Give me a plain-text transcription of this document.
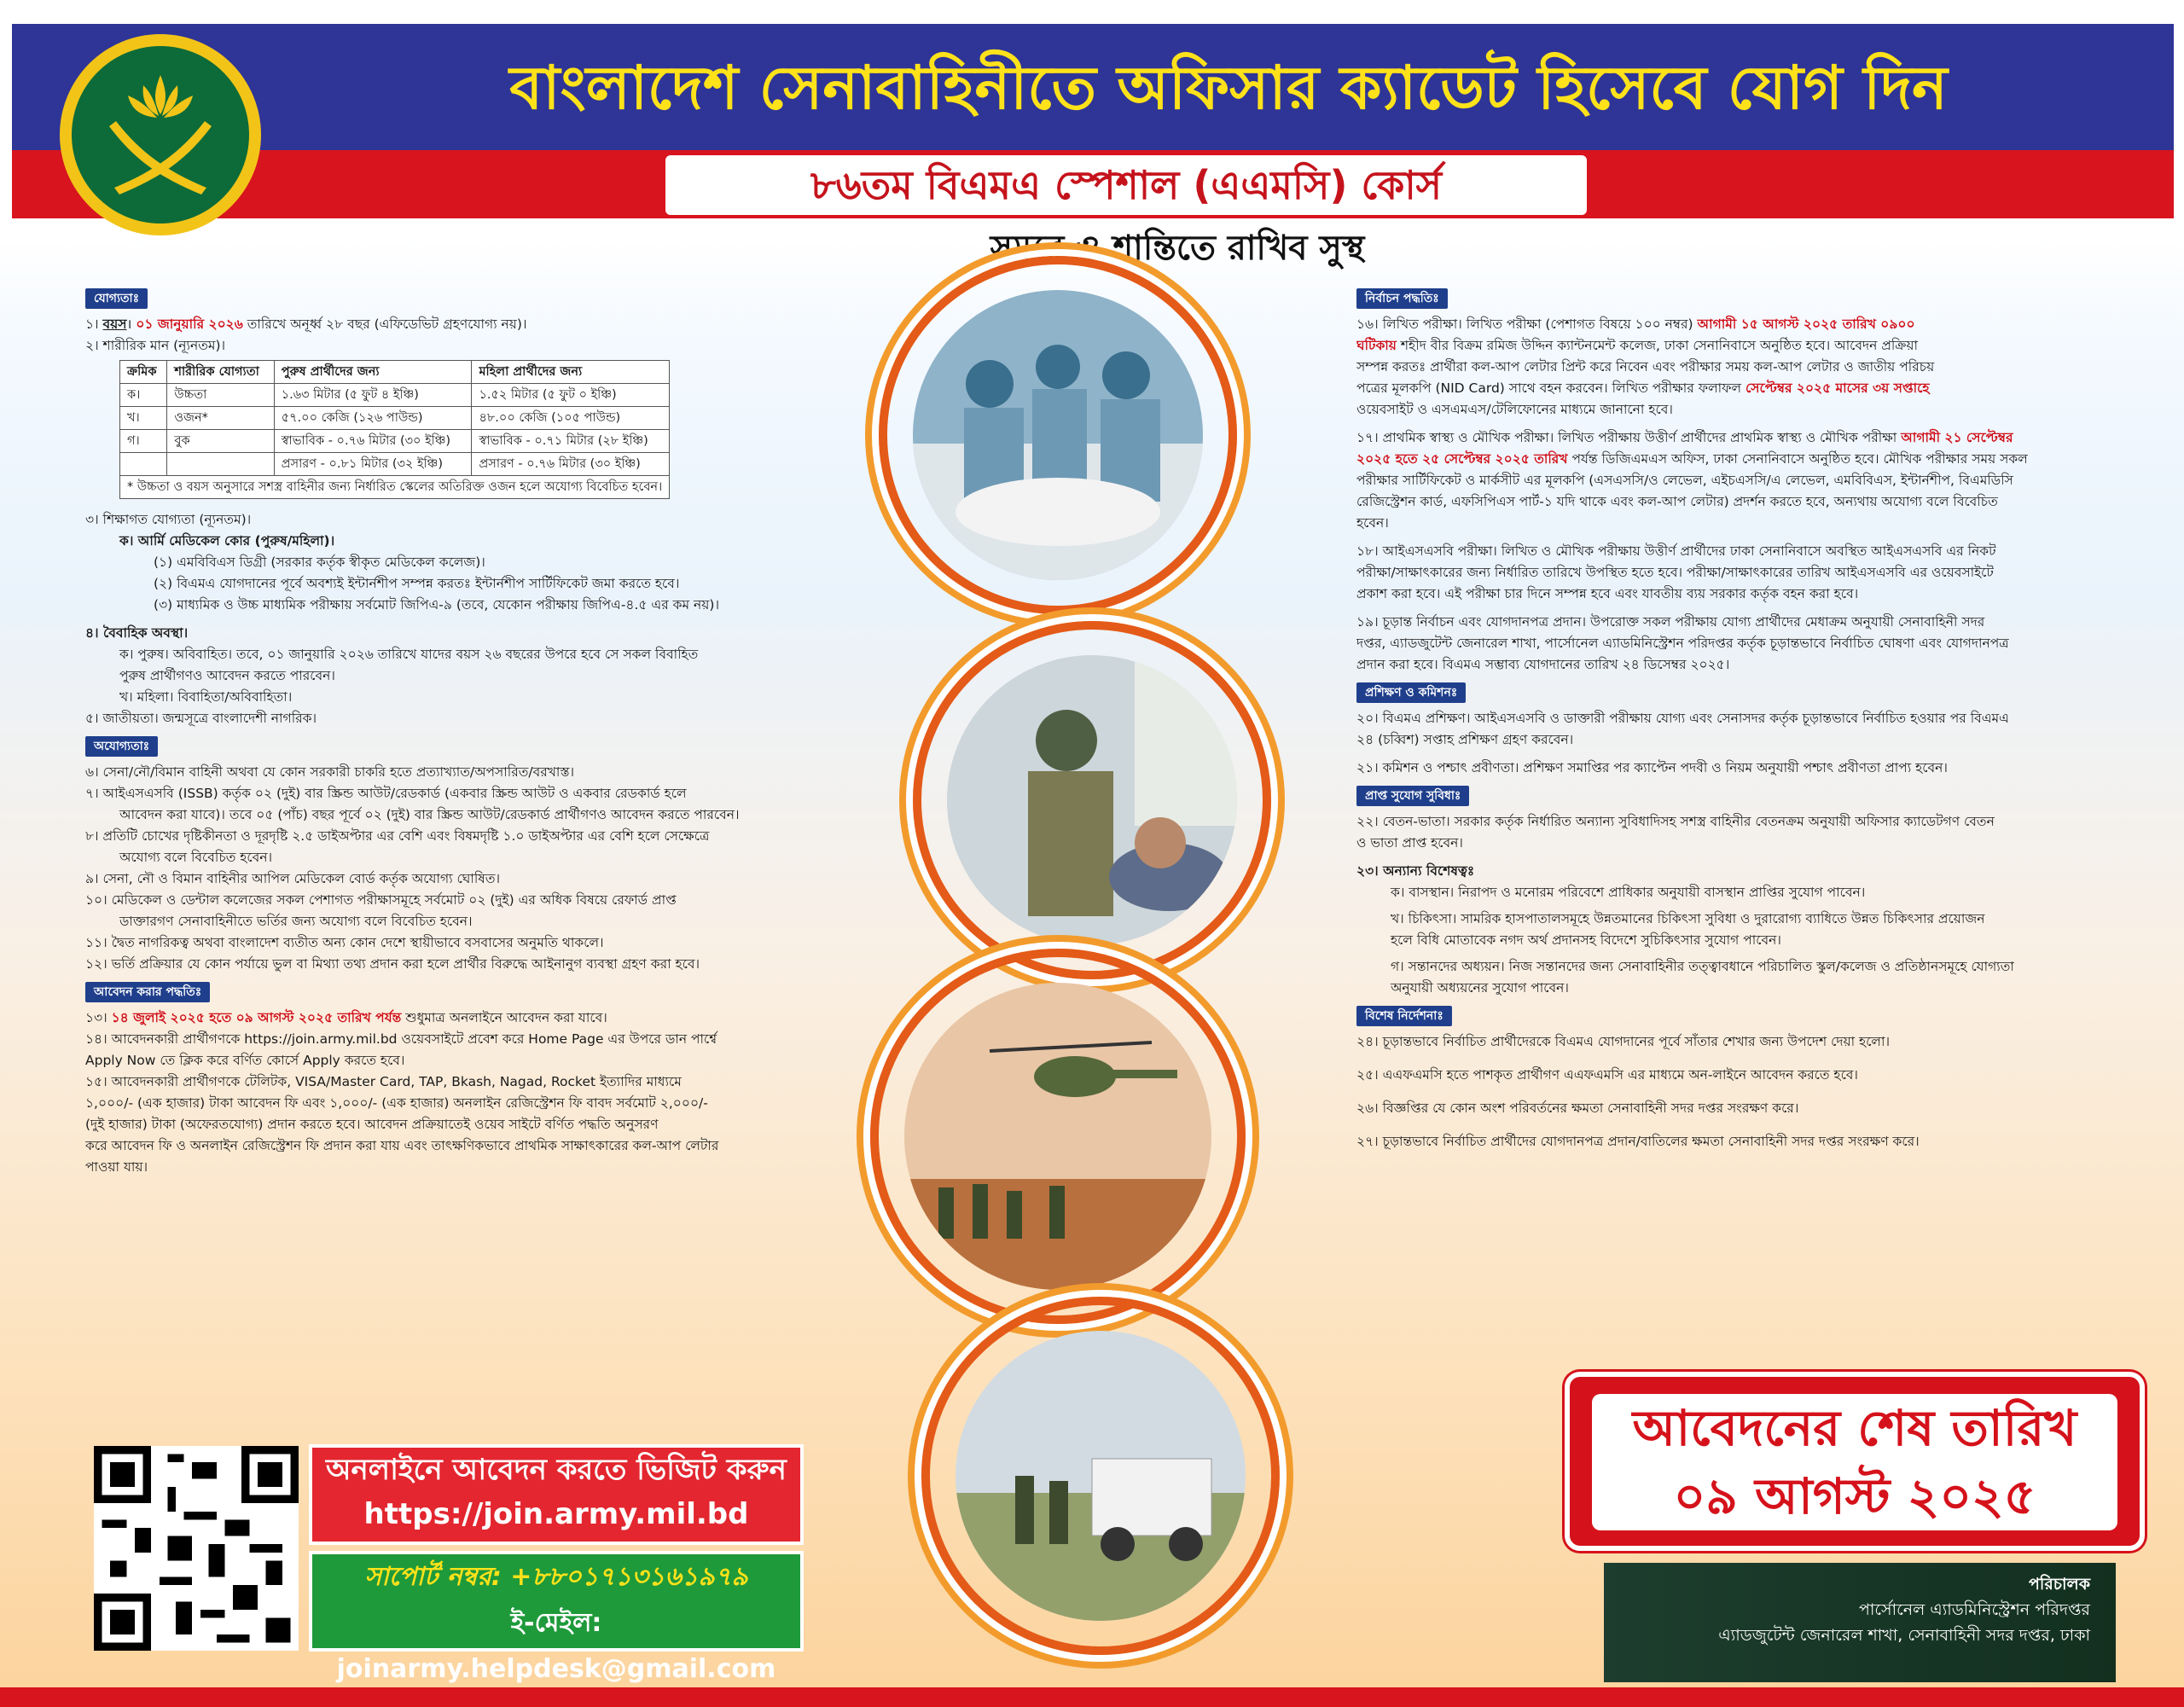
বাংলাদেশ সেনাবাহিনীতে অফিসার ক্যাডেট হিসেবে যোগ দিন
৮৬তম বিএমএ স্পেশাল (এএমসি) কোর্স
সমরে ও শান্তিতে রাখিব সুস্থ
যোগ্যতাঃ

১। বয়স। ০১ জানুয়ারি ২০২৬ তারিখে অনূর্ধ্ব ২৮ বছর (এফিডেভিট গ্রহণযোগ্য নয়)।

২। শারীরিক মান (ন্যূনতম)।

ক্রমিক	শারীরিক যোগ্যতা	পুরুষ প্রার্থীদের জন্য	মহিলা প্রার্থীদের জন্য
ক।	উচ্চতা	১.৬৩ মিটার (৫ ফুট ৪ ইঞ্চি)	১.৫২ মিটার (৫ ফুট ০ ইঞ্চি)
খ।	ওজন*	৫৭.০০ কেজি (১২৬ পাউন্ড)	৪৮.০০ কেজি (১০৫ পাউন্ড)
গ।	বুক	স্বাভাবিক - ০.৭৬ মিটার (৩০ ইঞ্চি)	স্বাভাবিক - ০.৭১ মিটার (২৮ ইঞ্চি)
		প্রসারণ - ০.৮১ মিটার (৩২ ইঞ্চি)	প্রসারণ - ০.৭৬ মিটার (৩০ ইঞ্চি)
* উচ্চতা ও বয়স অনুসারে সশস্ত্র বাহিনীর জন্য নির্ধারিত স্কেলের অতিরিক্ত ওজন হলে অযোগ্য বিবেচিত হবেন।			

৩। শিক্ষাগত যোগ্যতা (ন্যূনতম)।

ক। আর্মি মেডিকেল কোর (পুরুষ/মহিলা)।

(১) এমবিবিএস ডিগ্রী (সরকার কর্তৃক স্বীকৃত মেডিকেল কলেজ)।

(২) বিএমএ যোগদানের পূর্বে অবশ্যই ইন্টার্নশীপ সম্পন্ন করতঃ ইন্টার্নশীপ সার্টিফিকেট জমা করতে হবে।

(৩) মাধ্যমিক ও উচ্চ মাধ্যমিক পরীক্ষায় সর্বমোট জিপিএ-৯ (তবে, যেকোন পরীক্ষায় জিপিএ-৪.৫ এর কম নয়)।

৪। বৈবাহিক অবস্থা।

ক। পুরুষ। অবিবাহিত। তবে, ০১ জানুয়ারি ২০২৬ তারিখে যাদের বয়স ২৬ বছরের উপরে হবে সে সকল বিবাহিত

পুরুষ প্রার্থীগণও আবেদন করতে পারবেন।

খ। মহিলা। বিবাহিতা/অবিবাহিতা।

৫। জাতীয়তা। জন্মসূত্রে বাংলাদেশী নাগরিক।

অযোগ্যতাঃ

৬। সেনা/নৌ/বিমান বাহিনী অথবা যে কোন সরকারী চাকরি হতে প্রত্যাখ্যাত/অপসারিত/বরখাস্ত।

৭। আইএসএসবি (ISSB) কর্তৃক ০২ (দুই) বার স্ক্রিন্ড আউট/রেডকার্ড (একবার স্ক্রিন্ড আউট ও একবার রেডকার্ড হলে

আবেদন করা যাবে)। তবে ০৫ (পাঁচ) বছর পূর্বে ০২ (দুই) বার স্ক্রিন্ড আউট/রেডকার্ড প্রার্থীগণও আবেদন করতে পারবেন।

৮। প্রতিটি চোখের দৃষ্টিকীনতা ও দূরদৃষ্টি ২.৫ ডাইঅপ্টার এর বেশি এবং বিষমদৃষ্টি ১.০ ডাইঅপ্টার এর বেশি হলে সেক্ষেত্রে

অযোগ্য বলে বিবেচিত হবেন।

৯। সেনা, নৌ ও বিমান বাহিনীর আপিল মেডিকেল বোর্ড কর্তৃক অযোগ্য ঘোষিত।

১০। মেডিকেল ও ডেন্টাল কলেজের সকল পেশাগত পরীক্ষাসমূহে সর্বমোট ০২ (দুই) এর অধিক বিষয়ে রেফার্ড প্রাপ্ত

ডাক্তারগণ সেনাবাহিনীতে ভর্তির জন্য অযোগ্য বলে বিবেচিত হবেন।

১১। দ্বৈত নাগরিকত্ব অথবা বাংলাদেশ ব্যতীত অন্য কোন দেশে স্থায়ীভাবে বসবাসের অনুমতি থাকলে।

১২। ভর্তি প্রক্রিয়ার যে কোন পর্যায়ে ভুল বা মিথ্যা তথ্য প্রদান করা হলে প্রার্থীর বিরুদ্ধে আইনানুগ ব্যবস্থা গ্রহণ করা হবে।

আবেদন করার পদ্ধতিঃ

১৩। ১৪ জুলাই ২০২৫ হতে ০৯ আগস্ট ২০২৫ তারিখ পর্যন্ত শুধুমাত্র অনলাইনে আবেদন করা যাবে।

১৪। আবেদনকারী প্রার্থীগণকে https://join.army.mil.bd ওয়েবসাইটে প্রবেশ করে Home Page এর উপরে ডান পার্শ্বে

Apply Now তে ক্লিক করে বর্ণিত কোর্সে Apply করতে হবে।

১৫। আবেদনকারী প্রার্থীগণকে টেলিটক, VISA/Master Card, TAP, Bkash, Nagad, Rocket ইত্যাদির মাধ্যমে

১,০০০/- (এক হাজার) টাকা আবেদন ফি এবং ১,০০০/- (এক হাজার) অনলাইন রেজিস্ট্রেশন ফি বাবদ সর্বমোট ২,০০০/-

(দুই হাজার) টাকা (অফেরতযোগ্য) প্রদান করতে হবে। আবেদন প্রক্রিয়াতেই ওয়েব সাইটে বর্ণিত পদ্ধতি অনুসরণ

করে আবেদন ফি ও অনলাইন রেজিস্ট্রেশন ফি প্রদান করা যায় এবং তাৎক্ষণিকভাবে প্রাথমিক সাক্ষাৎকারের কল-আপ লেটার

পাওয়া যায়।

নির্বাচন পদ্ধতিঃ

১৬। লিখিত পরীক্ষা। লিখিত পরীক্ষা (পেশাগত বিষয়ে ১০০ নম্বর) আগামী ১৫ আগস্ট ২০২৫ তারিখ ০৯০০

ঘটিকায় শহীদ বীর বিক্রম রমিজ উদ্দিন ক্যান্টনমেন্ট কলেজ, ঢাকা সেনানিবাসে অনুষ্ঠিত হবে। আবেদন প্রক্রিয়া

সম্পন্ন করতঃ প্রার্থীরা কল-আপ লেটার প্রিন্ট করে নিবেন এবং পরীক্ষার সময় কল-আপ লেটার ও জাতীয় পরিচয়

পত্রের মূলকপি (NID Card) সাথে বহন করবেন। লিখিত পরীক্ষার ফলাফল সেপ্টেম্বর ২০২৫ মাসের ৩য় সপ্তাহে

ওয়েবসাইট ও এসএমএস/টেলিফোনের মাধ্যমে জানানো হবে।

১৭। প্রাথমিক স্বাস্থ্য ও মৌখিক পরীক্ষা। লিখিত পরীক্ষায় উত্তীর্ণ প্রার্থীদের প্রাথমিক স্বাস্থ্য ও মৌখিক পরীক্ষা আগামী ২১ সেপ্টেম্বর

২০২৫ হতে ২৫ সেপ্টেম্বর ২০২৫ তারিখ পর্যন্ত ডিজিএমএস অফিস, ঢাকা সেনানিবাসে অনুষ্ঠিত হবে। মৌখিক পরীক্ষার সময় সকল

পরীক্ষার সার্টিফিকেট ও মার্কসীট এর মূলকপি (এসএসসি/ও লেভেল, এইচএসসি/এ লেভেল, এমবিবিএস, ইন্টার্নশীপ, বিএমডিসি

রেজিস্ট্রেশন কার্ড, এফসিপিএস পার্ট-১ যদি থাকে এবং কল-আপ লেটার) প্রদর্শন করতে হবে, অন্যথায় অযোগ্য বলে বিবেচিত

হবেন।

১৮। আইএসএসবি পরীক্ষা। লিখিত ও মৌখিক পরীক্ষায় উত্তীর্ণ প্রার্থীদের ঢাকা সেনানিবাসে অবস্থিত আইএসএসবি এর নিকট

পরীক্ষা/সাক্ষাৎকারের জন্য নির্ধারিত তারিখে উপস্থিত হতে হবে। পরীক্ষা/সাক্ষাৎকারের তারিখ আইএসএসবি এর ওয়েবসাইটে

প্রকাশ করা হবে। এই পরীক্ষা চার দিনে সম্পন্ন হবে এবং যাবতীয় ব্যয় সরকার কর্তৃক বহন করা হবে।

১৯। চূড়ান্ত নির্বাচন এবং যোগদানপত্র প্রদান। উপরোক্ত সকল পরীক্ষায় যোগ্য প্রার্থীদের মেধাক্রম অনুযায়ী সেনাবাহিনী সদর

দপ্তর, এ্যাডজুটেন্ট জেনারেল শাখা, পার্সোনেল এ্যাডমিনিস্ট্রেশন পরিদপ্তর কর্তৃক চূড়ান্তভাবে নির্বাচিত ঘোষণা এবং যোগদানপত্র

প্রদান করা হবে। বিএমএ সম্ভাব্য যোগদানের তারিখ ২৪ ডিসেম্বর ২০২৫।

প্রশিক্ষণ ও কমিশনঃ

২০। বিএমএ প্রশিক্ষণ। আইএসএসবি ও ডাক্তারী পরীক্ষায় যোগ্য এবং সেনাসদর কর্তৃক চূড়ান্তভাবে নির্বাচিত হওয়ার পর বিএমএ

২৪ (চব্বিশ) সপ্তাহ প্রশিক্ষণ গ্রহণ করবেন।

২১। কমিশন ও পশ্চাৎ প্রবীণতা। প্রশিক্ষণ সমাপ্তির পর ক্যাপ্টেন পদবী ও নিয়ম অনুযায়ী পশ্চাৎ প্রবীণতা প্রাপ্য হবেন।

প্রাপ্ত সুযোগ সুবিধাঃ

২২। বেতন-ভাতা। সরকার কর্তৃক নির্ধারিত অন্যান্য সুবিধাদিসহ সশস্ত্র বাহিনীর বেতনক্রম অনুযায়ী অফিসার ক্যাডেটগণ বেতন

ও ভাতা প্রাপ্ত হবেন।

২৩। অন্যান্য বিশেষত্বঃ

ক। বাসস্থান। নিরাপদ ও মনোরম পরিবেশে প্রাধিকার অনুযায়ী বাসস্থান প্রাপ্তির সুযোগ পাবেন।

খ। চিকিৎসা। সামরিক হাসপাতালসমূহে উন্নতমানের চিকিৎসা সুবিধা ও দুরারোগ্য ব্যাধিতে উন্নত চিকিৎসার প্রয়োজন

হলে বিধি মোতাবেক নগদ অর্থ প্রদানসহ বিদেশে সুচিকিৎসার সুযোগ পাবেন।

গ। সন্তানদের অধ্যয়ন। নিজ সন্তানদের জন্য সেনাবাহিনীর তত্ত্বাবধানে পরিচালিত স্কুল/কলেজ ও প্রতিষ্ঠানসমূহে যোগ্যতা

অনুযায়ী অধ্যয়নের সুযোগ পাবেন।

বিশেষ নির্দেশনাঃ

২৪। চূড়ান্তভাবে নির্বাচিত প্রার্থীদেরকে বিএমএ যোগদানের পূর্বে সাঁতার শেখার জন্য উপদেশ দেয়া হলো।

২৫। এএফএমসি হতে পাশকৃত প্রার্থীগণ এএফএমসি এর মাধ্যমে অন-লাইনে আবেদন করতে হবে।

২৬। বিজ্ঞপ্তির যে কোন অংশ পরিবর্তনের ক্ষমতা সেনাবাহিনী সদর দপ্তর সংরক্ষণ করে।

২৭। চূড়ান্তভাবে নির্বাচিত প্রার্থীদের যোগদানপত্র প্রদান/বাতিলের ক্ষমতা সেনাবাহিনী সদর দপ্তর সংরক্ষণ করে।

অনলাইনে আবেদন করতে ভিজিট করুন
https://join.army.mil.bd
সাপোর্ট নম্বর: +৮৮০১৭১৩১৬১৯৭৯
ই-মেইল: joinarmy.helpdesk@gmail.com
আবেদনের শেষ তারিখ
০৯ আগস্ট ২০২৫
পরিচালক
পার্সোনেল এ্যাডমিনিস্ট্রেশন পরিদপ্তর
এ্যাডজুটেন্ট জেনারেল শাখা, সেনাবাহিনী সদর দপ্তর, ঢাকা
